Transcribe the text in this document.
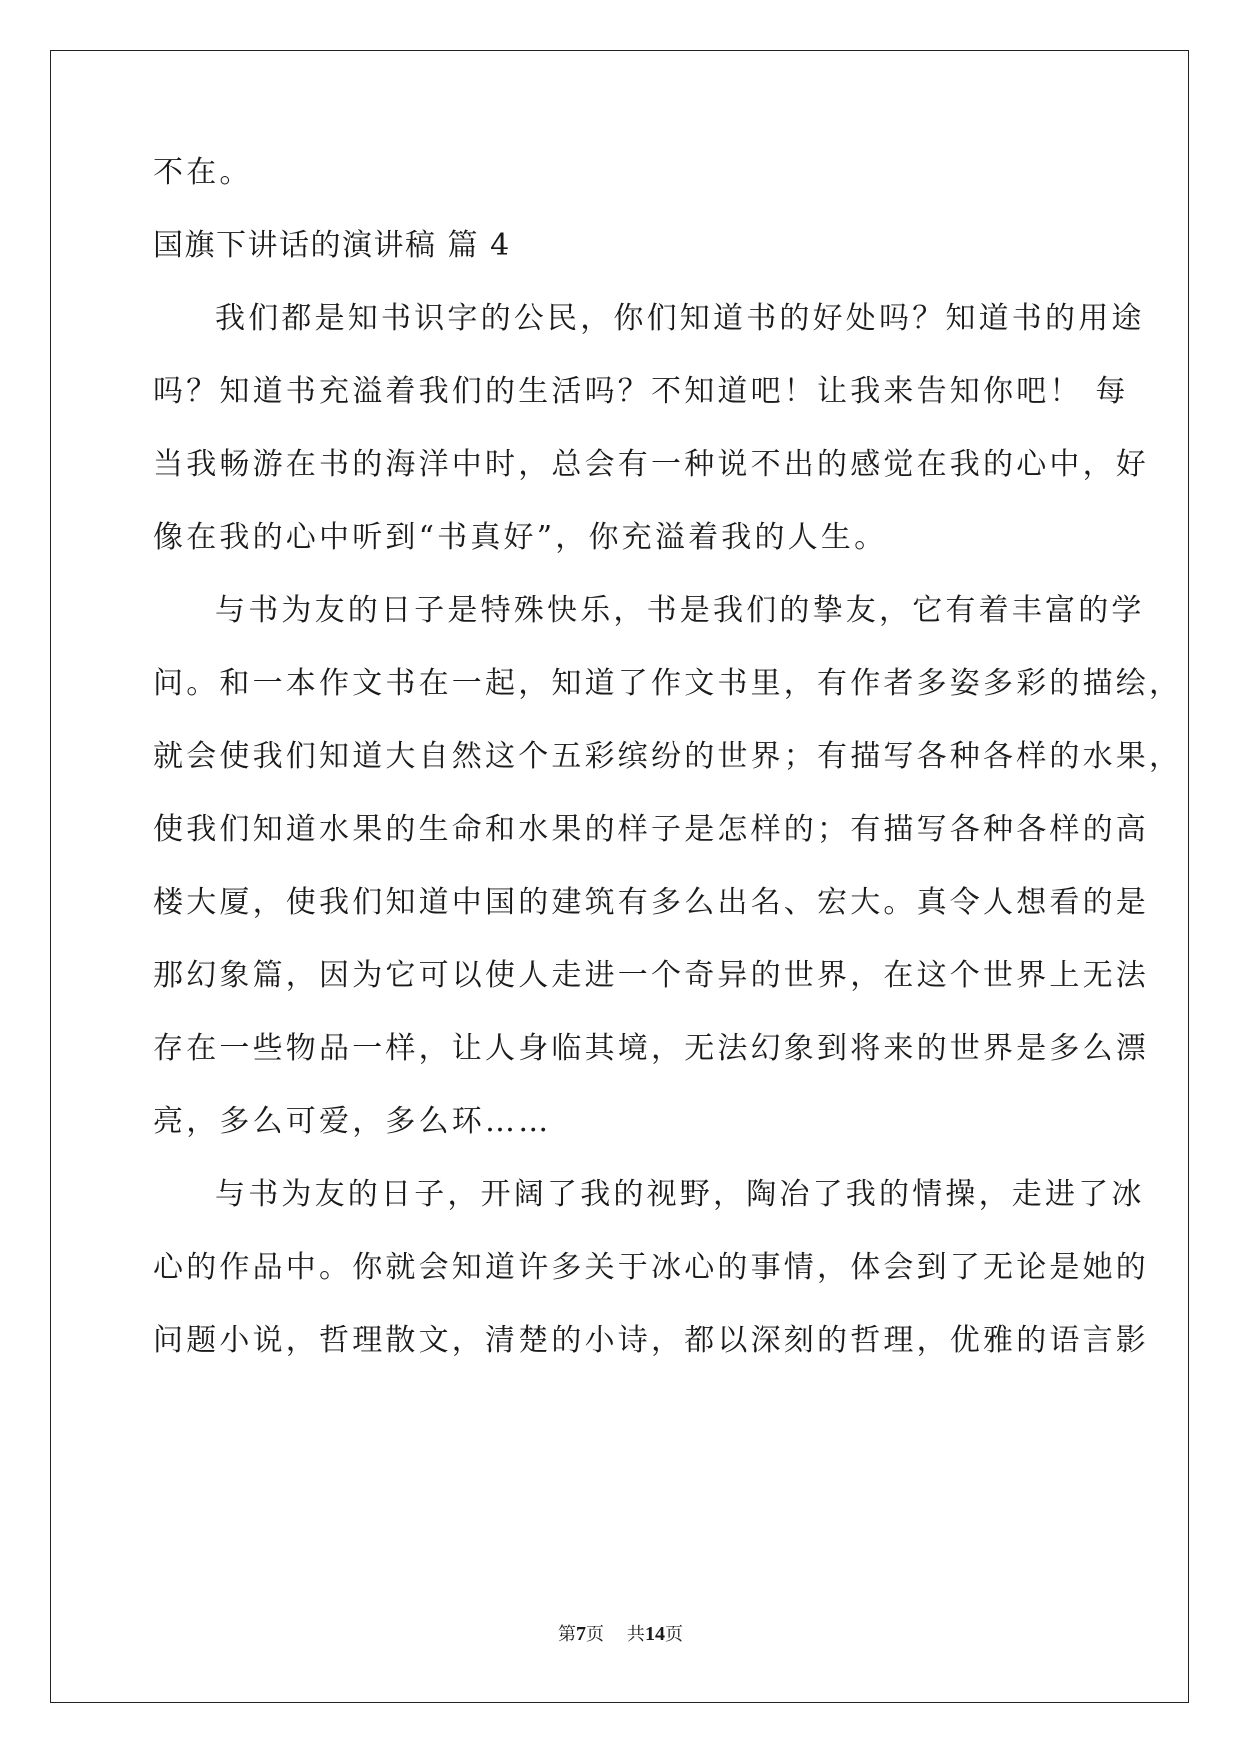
不在。
国旗下讲话的演讲稿 篇 4
我们都是知书识字的公民，你们知道书的好处吗？知道书的用途
吗？知道书充溢着我们的生活吗？不知道吧！让我来告知你吧！ 每
当我畅游在书的海洋中时，总会有一种说不出的感觉在我的心中，好
像在我的心中听到“书真好”，你充溢着我的人生。
与书为友的日子是特殊快乐，书是我们的挚友，它有着丰富的学
问。和一本作文书在一起，知道了作文书里，有作者多姿多彩的描绘，
就会使我们知道大自然这个五彩缤纷的世界；有描写各种各样的水果，
使我们知道水果的生命和水果的样子是怎样的；有描写各种各样的高
楼大厦，使我们知道中国的建筑有多么出名、宏大。真令人想看的是
那幻象篇，因为它可以使人走进一个奇异的世界，在这个世界上无法
存在一些物品一样，让人身临其境，无法幻象到将来的世界是多么漂
亮，多么可爱，多么环……
与书为友的日子，开阔了我的视野，陶冶了我的情操，走进了冰
心的作品中。你就会知道许多关于冰心的事情，体会到了无论是她的
问题小说，哲理散文，清楚的小诗，都以深刻的哲理，优雅的语言影
第7页    共14页
